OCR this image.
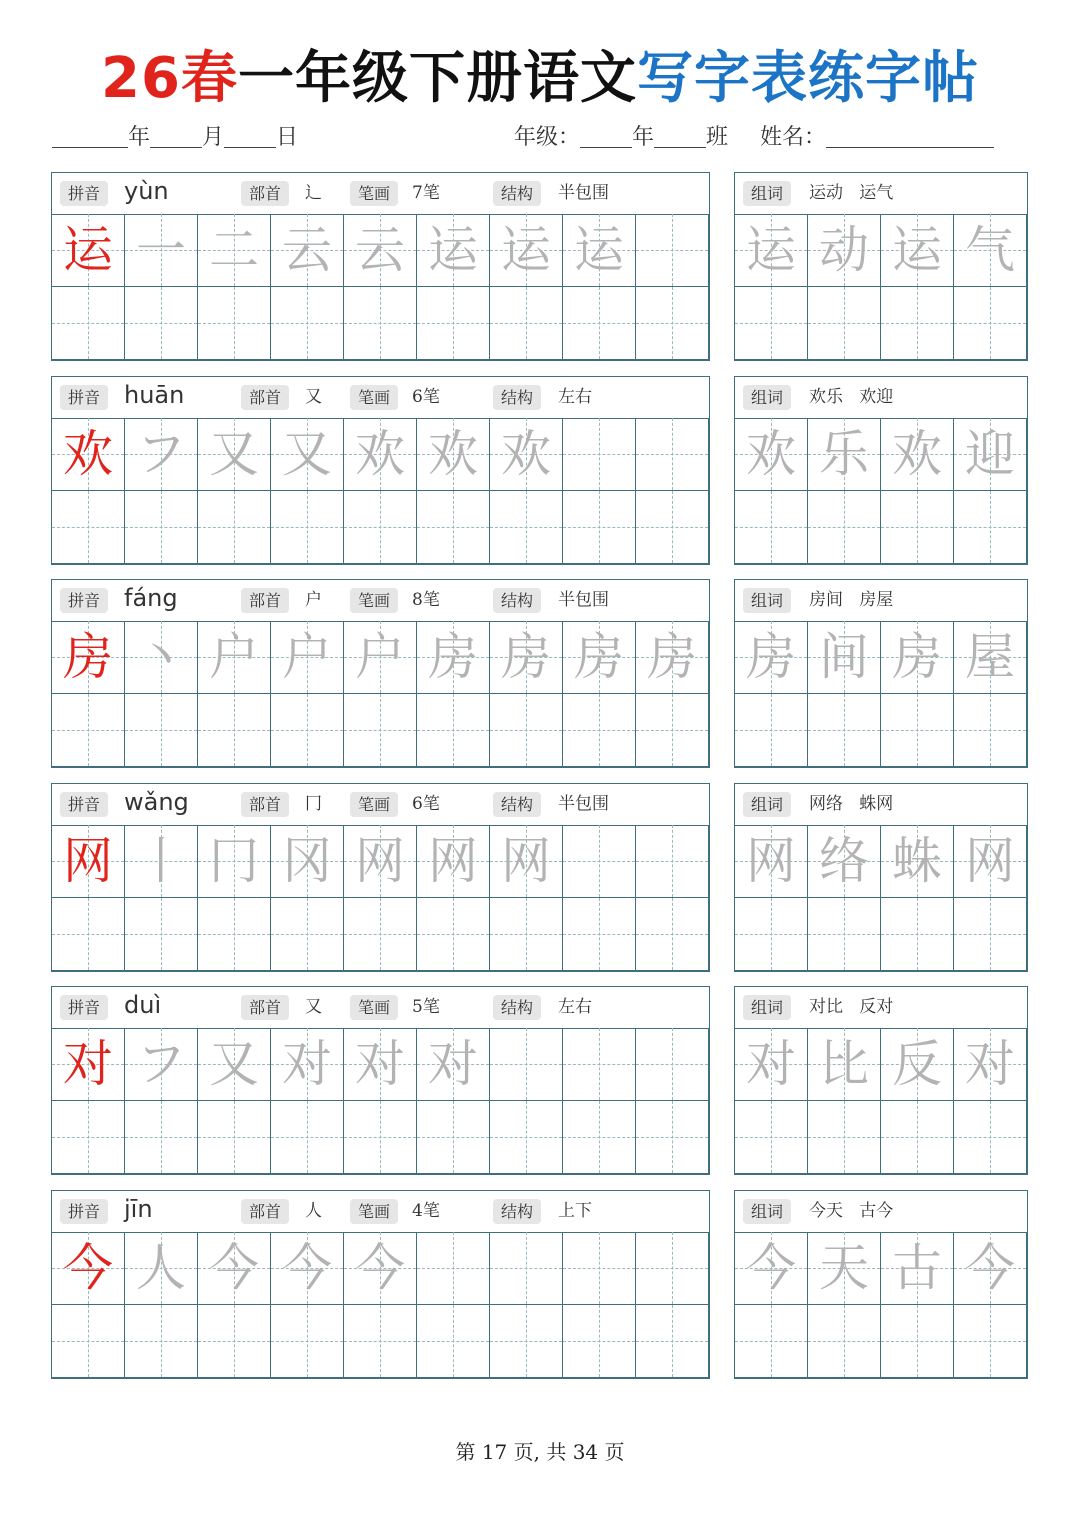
26春一年级下册语文写字表练字帖
年 月 日	年级： 年 班 姓名：
拼音 yùn	部首	辶	笔画	7笔	结构	半包围
运 一 二 云 云 运 运 运
组词	运动   运气
运 动 运 气
拼音 huān	部首	又	笔画	6笔	结构	左右
欢 フ 又 又 欢 欢 欢
组词	欢乐   欢迎
欢 乐 欢 迎
拼音 fáng	部首	户	笔画	8笔	结构	半包围
房 丶 户 户 户 房 房 房 房
组词	房间   房屋
房 间 房 屋
拼音 wǎng	部首	冂	笔画	6笔	结构	半包围
网 丨 冂 冈 网 网 网
组词	网络   蛛网
网 络 蛛 网
拼音 duì	部首	又	笔画	5笔	结构	左右
对 フ 又 对 对 对
组词	对比   反对
对 比 反 对
拼音 jīn	部首	人	笔画	4笔	结构	上下
今 人 今 今 今
组词	今天   古今
今 天 古 今
第 17 页, 共 34 页
